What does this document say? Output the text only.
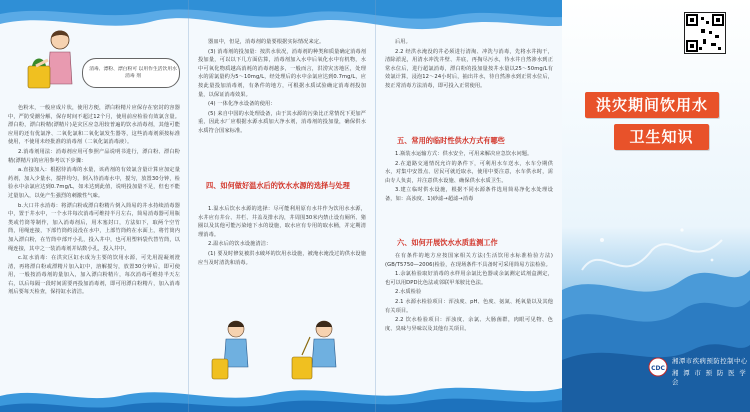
消毒、漂粉、漂白粉可 以用作生活饮用水消毒 剂

色粉末，一般应成片状，使用方便，漂白粉精片应保存在密封的容器中，严防受潮分解，保存时间不超过12个月，使用前应检验有效氯含量。漂白粉，漂白粉精(漂精片)是灾区应急用较普遍的饮水消毒剂，其他可能应用的还有优氯净、二氧化氯和二氧化氯发生器等，这些消毒剂须按标准使用，不使用未经批准的消毒剂（二氧化氯消毒液）。

2.消毒剂用法：消毒剂应用可参照产品说明书进行，漂白粉、漂白粉精(漂精片)的应用参考以下步骤：

a.直接加入：根据待消毒的水量，该药剂的有效氯含量计算应加定量药剂，加入少量水，搅拌均匀，倒入待消毒水中，搅匀，放置30分钟，检验水中余氯应达到0.7mg/L，如未达到此值，说明投加量不足，但也不能过量加入，以免产生强烈的刺激性气味。

b.大口井水消毒：将漂白粉或漂白粉精片倒入简易的井水持续消毒器中，置于井水中，一个水井每次消毒可维持半月左右，简易消毒器可用瓶类或竹筒等制作，加入消毒剂后，用木塞封口，方法如下，取两个空竹筒，用绳连接，下部竹筒约浸没在水中，上部竹筒约在水面上，将竹筒内加入漂白粉，在竹筒中部开小孔，投入井中，也可用塑料袋代替竹筒，以绳连接，其中之一装消毒剂并钻数小孔，投入井中。

c.缸水消毒：在洪灾区缸水成为主要的饮用水源，可先用混凝剂澄清，再将漂白粉或漂精片加入缸中，溶解搅匀，放置30分钟后，即可使用，一般按消毒剂的量加入，加入漂白粉精片，每次消毒可维持半天左右，以后每隔一段时间需要再投加消毒剂，即可用漂白粉精片，加入消毒剂后要每天检查，保持缸水清洁。

器皿中，但是，消毒剂的量要根据实际情况来定。

(3) 消毒剂的投加量：按洪水状况，消毒剂的种类和质量确定消毒剂投加量，可以以下几方面估算，消毒剂加入水中后氧化水中有机物，水中可氧化物质越高消耗的消毒剂越多，一般而言，洪涝灾害地区，处理水的需氯量约为5～10mg/L，经处理后的水中余氯应达到0.7mg/L，应按此量投加消毒剂，有条件的地方，可根据水质试验确定消毒剂投加量，以保证消毒效果。

(4) 一体化净水设备的使用：

(5) 来自中国的水处理设备，由于其水源的污染比正常情况下更加严重，因此水厂应根据水源水质加大净水剂，消毒剂的投加量，确保供水水质符合国家标准。

四、如何做好温水后的饮水水源的选择与处理

1.温水后饮水水源的选择：尽可能利用原有水井作为饮用水水源，水井应有井台、井栏、井盖及排水沟，井周围30米内禁止设有厕所、猪圈以及其他可能污染地下水的设施，取水应有专用的取水桶，并定期清理消毒。

2.温水后的饮水设施清洁：

(1) 要及时修复被洪水破坏的饮用水设施，被淹水淹没过的供水设施应当及时清洗和消毒。

后用。

2.2 经洪水淹没的井必须进行清淘、冲洗与消毒，先将水井掏干，清除淤泥，用清水冲洗井壁、井底，再掏尽污水，待水井自然渗水到正常水位后，进行超氯消毒，漂白粉的投加量按井水量以25～50mg/L有效氯计算，浸泡12～24小时后，抽出井水，待自然渗水到正常水位后，按正常消毒方法消毒，即可投入正常使用。

五、常用的临时性供水方式有哪些

1.瓶装水运输方式：供水安全，可用来解决应急饮水问题。

2.在道路交通情况允许的条件下，可利用水车送水，水车分期供水，对集中安置点、居民可就近取水，使用中要注意，水车供水时，需由专人负责，并注意供水设施、确保供水水质卫生。

3.建立临时供水设施，根据不同水源条件选用简易净化水处理设备，如：高浊度、1)砂滤→超滤→消毒

六、如何开展饮水水质监测工作

在有条件的地方应按国家相关方法(生活饮用水标准检验方法)(GB/T5750—2006)检验，在现场条件不具备时可采用简易方法检验。

1.余氯检验取好消毒的水样用余氯比色器或余氯测定试剂盒测定，也可以用DPD比色法或邻联甲苯胺比色法。

2.水质检验

2.1 水源水检验项目：浑浊度、pH、色度、氨氮、耗氧量以及其他有关项目。

2.2 饮水检验项目：浑浊度、余氯、大肠菌群，肉眼可见物、色度、臭味与异味以及其他有关项目。

洪灾期间饮用水
卫生知识
CDC
湘潭市疾病预防控制中心
湘 潭 市 预 防 医 学 会
